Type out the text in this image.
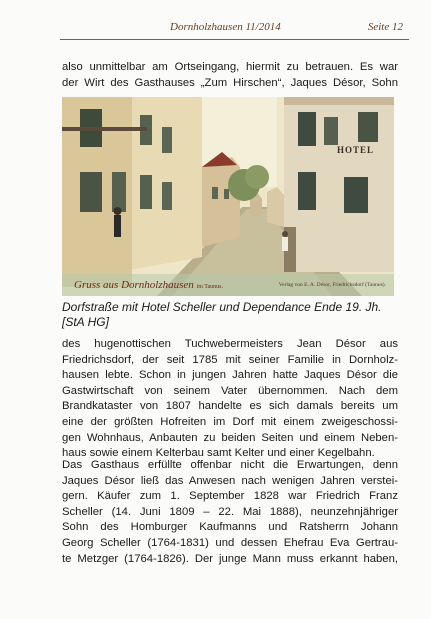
Dornholzhausen 11/2014	Seite 12
also unmittelbar am Ortseingang, hiermit zu betrauen. Es war
der Wirt des Gasthauses „Zum Hirschen“, Jaques Désor, Sohn
HOTEL
Gruss aus Dornholzhausen im Taunus.	Verlag von E. A. Désor, Friedrichsdorf (Taunus).
Dorfstraße mit Hotel Scheller und Dependance Ende 19. Jh.
[StA HG]
des hugenottischen Tuchwebermeisters Jean Désor aus
Friedrichsdorf, der seit 1785 mit seiner Familie in Dornholz-
hausen lebte. Schon in jungen Jahren hatte Jaques Désor die
Gastwirtschaft von seinem Vater übernommen. Nach dem
Brandkataster von 1807 handelte es sich damals bereits um
eine der größten Hofreiten im Dorf mit einem zweigeschossi-
gen Wohnhaus, Anbauten zu beiden Seiten und einem Neben-
haus sowie einem Kelterbau samt Kelter und einer Kegelbahn.
Das Gasthaus erfüllte offenbar nicht die Erwartungen, denn
Jaques Désor ließ das Anwesen nach wenigen Jahren verstei-
gern. Käufer zum 1. September 1828 war Friedrich Franz
Scheller (14. Juni 1809 – 22. Mai 1888), neunzehnjähriger
Sohn des Homburger Kaufmanns und Ratsherrn Johann
Georg Scheller (1764-1831) und dessen Ehefrau Eva Gertrau-
te Metzger (1764-1826). Der junge Mann muss erkannt haben,
